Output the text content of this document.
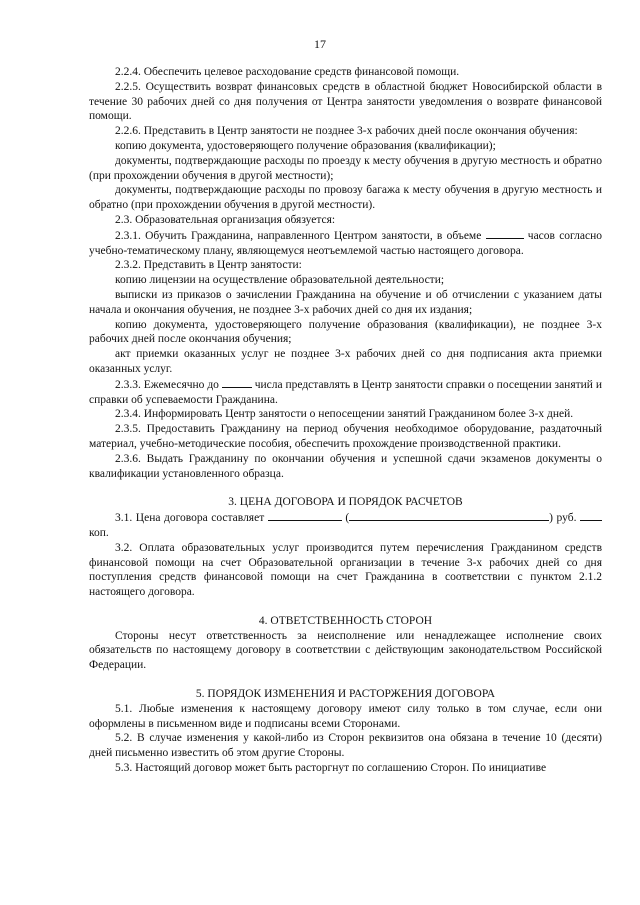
17

2.2.4. Обеспечить целевое расходование средств финансовой помощи.

2.2.5. Осуществить возврат финансовых средств в областной бюджет Новосибирской области в течение 30 рабочих дней со дня получения от Центра занятости уведомления о возврате финансовой помощи.

2.2.6. Представить в Центр занятости не позднее 3-х рабочих дней после окончания обучения:

копию документа, удостоверяющего получение образования (квалификации);

документы, подтверждающие расходы по проезду к месту обучения в другую местность и обратно (при прохождении обучения в другой местности);

документы, подтверждающие расходы по провозу багажа к месту обучения в другую местность и обратно (при прохождении обучения в другой местности).

2.3. Образовательная организация обязуется:

2.3.1. Обучить Гражданина, направленного Центром занятости, в объеме	часов согласно учебно-тематическому плану, являющемуся неотъемлемой частью настоящего договора.

2.3.2. Представить в Центр занятости:

копию лицензии на осуществление образовательной деятельности;

выписки из приказов о зачислении Гражданина на обучение и об отчислении с указанием даты начала и окончания обучения, не позднее 3-х рабочих дней со дня их издания;

копию документа, удостоверяющего получение образования (квалификации), не позднее 3-х рабочих дней после окончания обучения;

акт приемки оказанных услуг не позднее 3-х рабочих дней со дня подписания акта приемки оказанных услуг.

2.3.3. Ежемесячно до	числа представлять в Центр занятости справки о посещении занятий и справки об успеваемости Гражданина.

2.3.4. Информировать Центр занятости о непосещении занятий Гражданином более 3-х дней.

2.3.5. Предоставить Гражданину на период обучения необходимое оборудование, раздаточный материал, учебно-методические пособия, обеспечить прохождение производственной практики.

2.3.6. Выдать Гражданину по окончании обучения и успешной сдачи экзаменов документы о квалификации установленного образца.

3. ЦЕНА ДОГОВОРА И ПОРЯДОК РАСЧЕТОВ

3.1. Цена договора составляет	(	) руб.  коп.

3.2. Оплата образовательных услуг производится путем перечисления Гражданином средств финансовой помощи на счет Образовательной организации в течение 3-х рабочих дней со дня поступления средств финансовой помощи на счет Гражданина в соответствии с пунктом 2.1.2 настоящего договора.

4. ОТВЕТСТВЕННОСТЬ СТОРОН

Стороны несут ответственность за неисполнение или ненадлежащее исполнение своих обязательств по настоящему договору в соответствии с действующим законодательством Российской Федерации.

5. ПОРЯДОК ИЗМЕНЕНИЯ И РАСТОРЖЕНИЯ ДОГОВОРА

5.1. Любые изменения к настоящему договору имеют силу только в том случае, если они оформлены в письменном виде и подписаны всеми Сторонами.

5.2. В случае изменения у какой-либо из Сторон реквизитов она обязана в течение 10 (десяти) дней письменно известить об этом другие Стороны.

5.3. Настоящий договор может быть расторгнут по соглашению Сторон. По инициативе
